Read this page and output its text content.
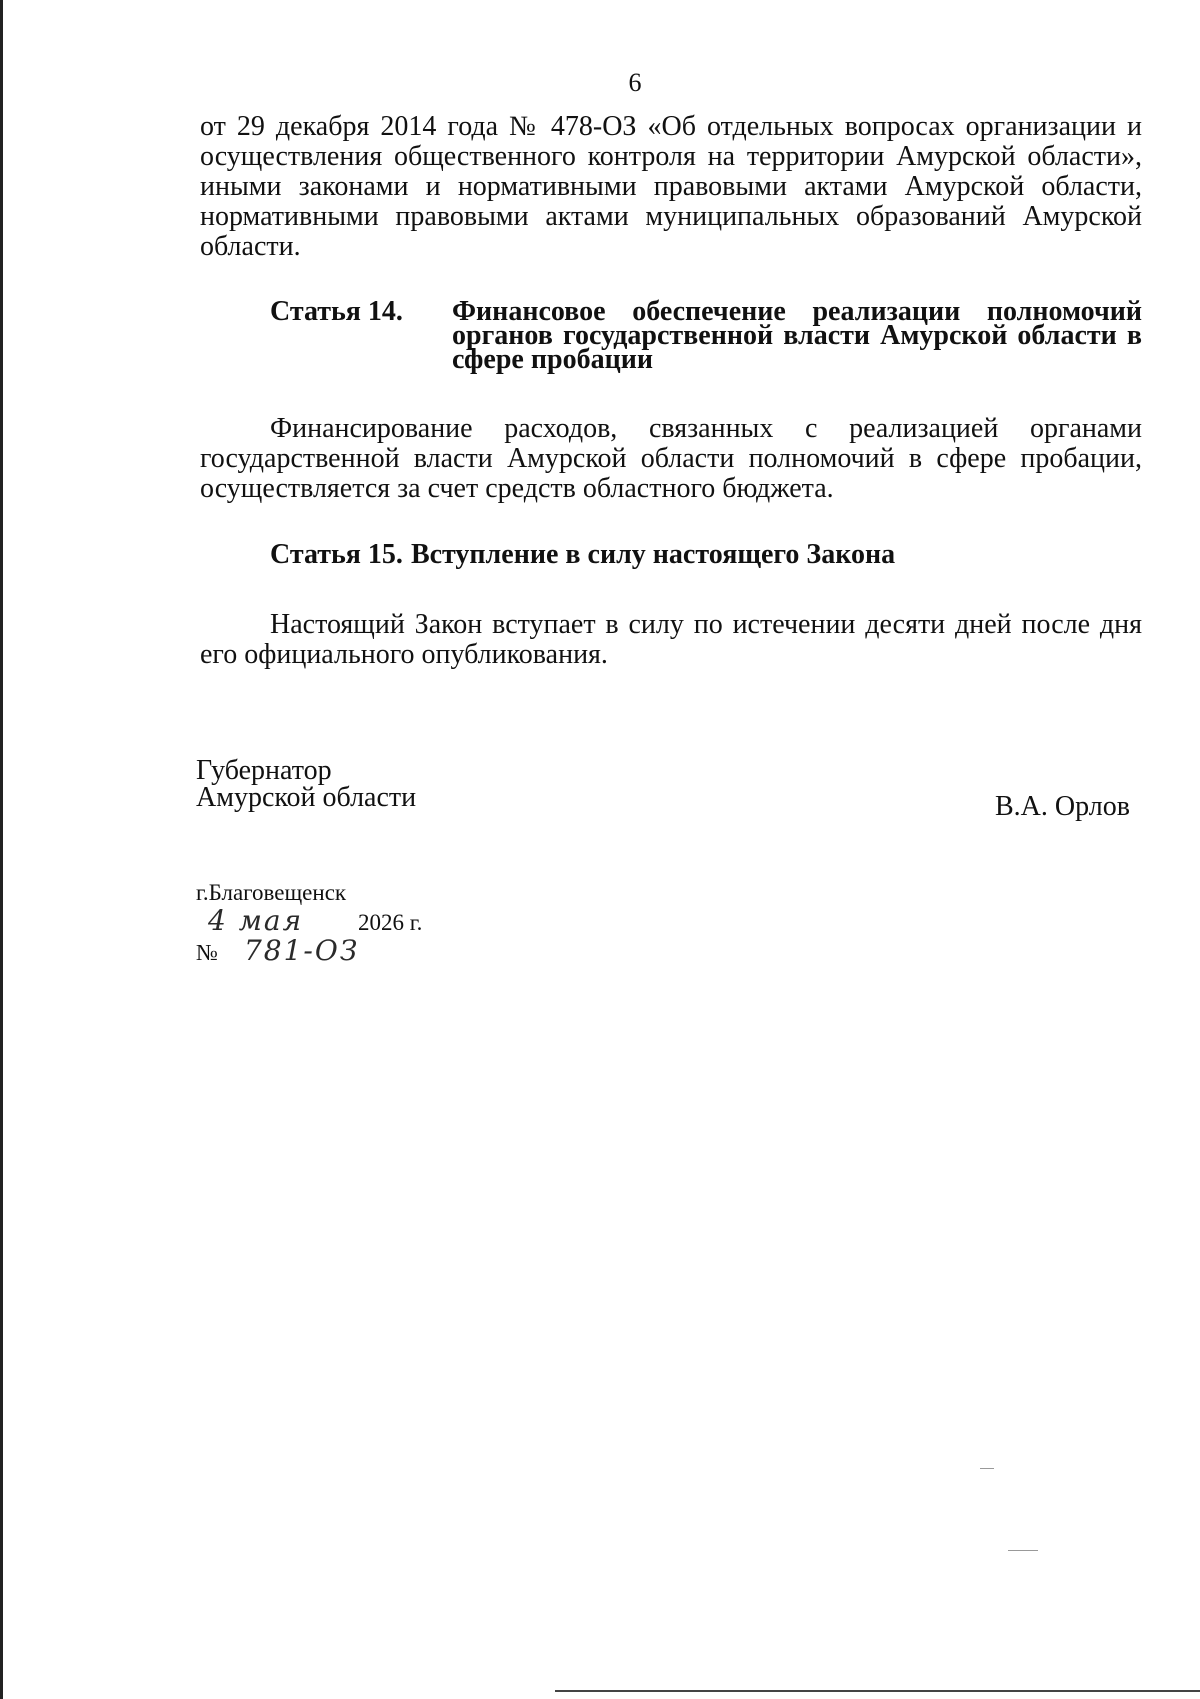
6

от 29 декабря 2014 года № 478-ОЗ «Об отдельных вопросах организации и осуществления общественного контроля на территории Амурской области», иными законами и нормативными правовыми актами Амурской области, нормативными правовыми актами муниципальных образований Амурской области.

Статья 14.	Финансовое обеспечение реализации полномочий органов государственной власти Амурской области в сфере пробации

Финансирование расходов, связанных с реализацией органами государственной власти Амурской области полномочий в сфере пробации, осуществляется за счет средств областного бюджета.

Статья 15. Вступление в силу настоящего Закона

Настоящий Закон вступает в силу по истечении десяти дней после дня его официального опубликования.

Губернатор
Амурской области	В.А. Орлов
г.Благовещенск
4 мая	2026 г.
№ 781-ОЗ
